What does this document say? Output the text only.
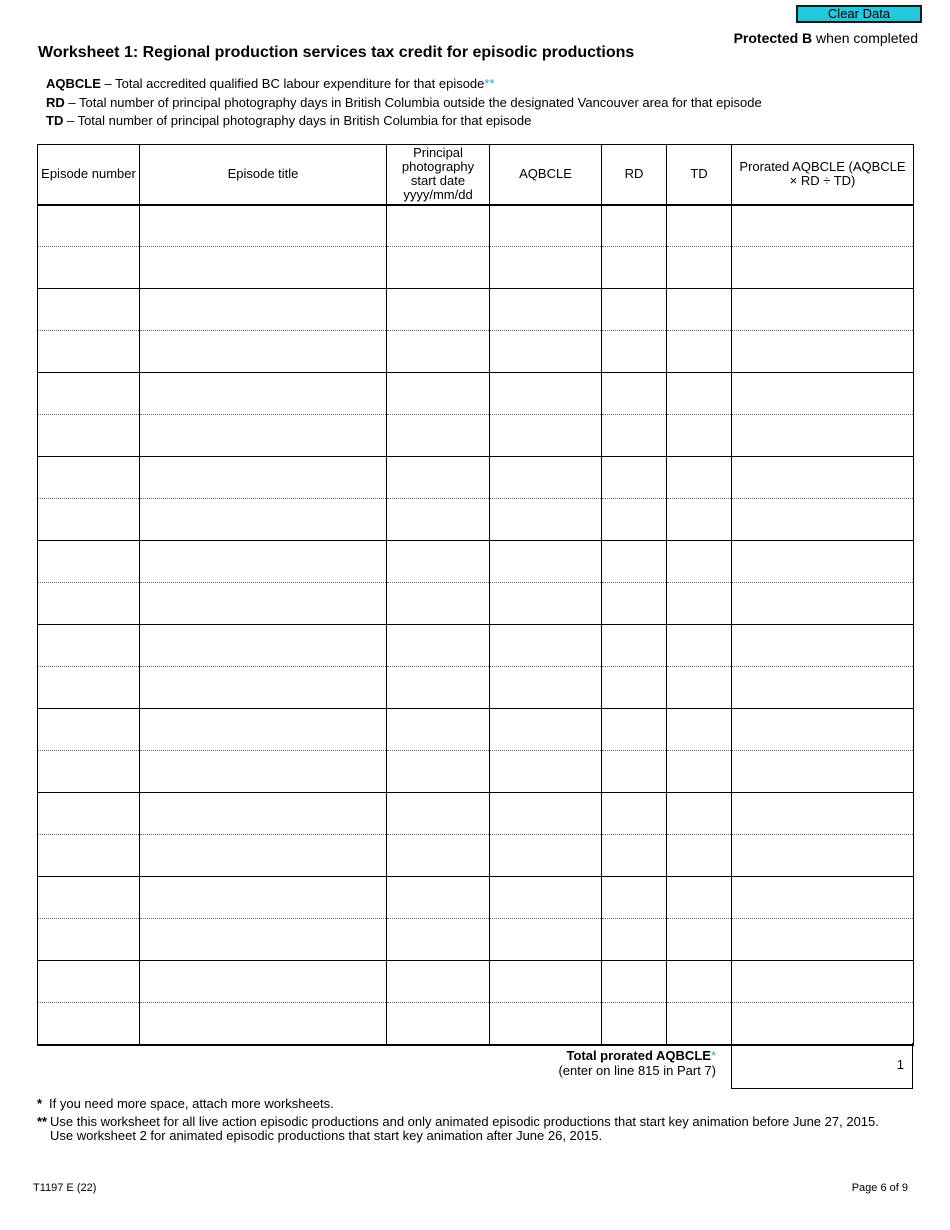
Clear Data
Protected B when completed
Worksheet 1: Regional production services tax credit for episodic productions
AQBCLE – Total accredited qualified BC labour expenditure for that episode**
RD – Total number of principal photography days in British Columbia outside the designated Vancouver area for that episode
TD – Total number of principal photography days in British Columbia for that episode
Episode number	Episode title	Principal photography start date yyyy/mm/dd	AQBCLE	RD	TD	Prorated AQBCLE (AQBCLE × RD ÷ TD)

Total prorated AQBCLE*
(enter on line 815 in Part 7)	1
* If you need more space, attach more worksheets.
** Use this worksheet for all live action episodic productions and only animated episodic productions that start key animation before June 27, 2015.
Use worksheet 2 for animated episodic productions that start key animation after June 26, 2015.
T1197 E (22)	Page 6 of 9
